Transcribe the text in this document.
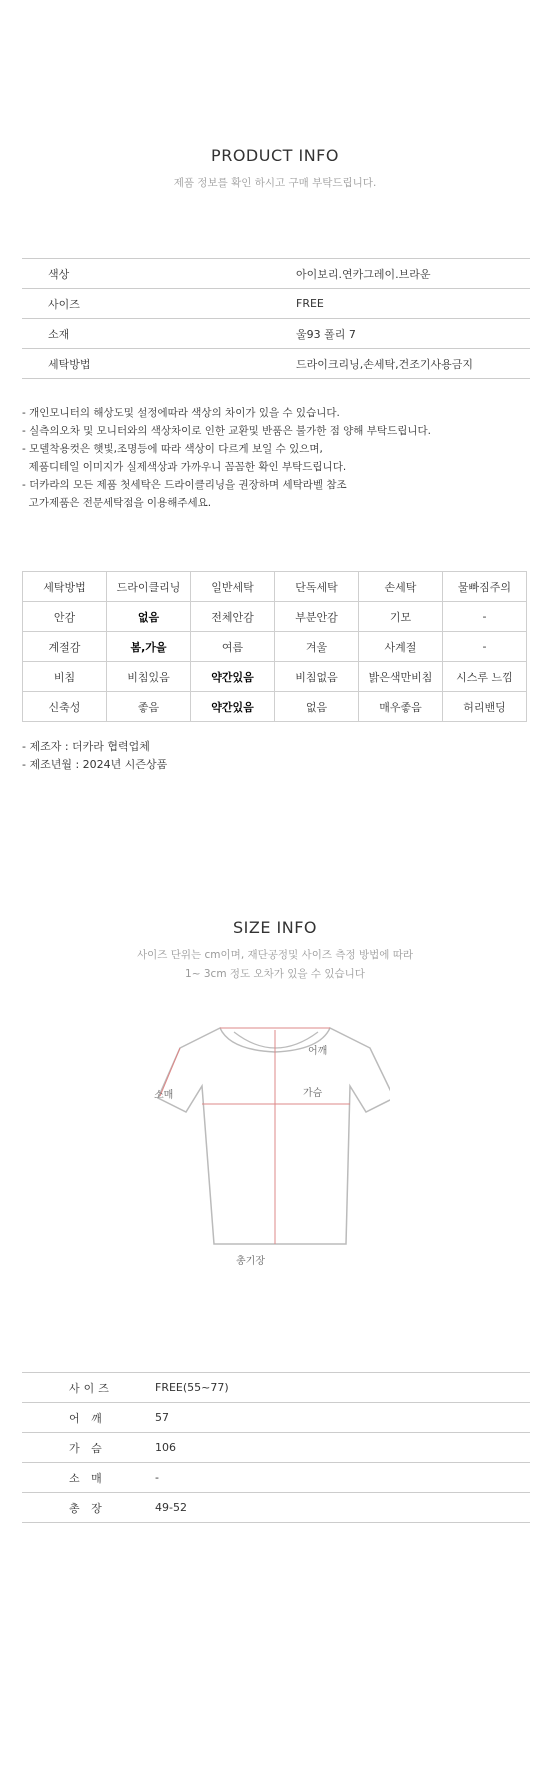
PRODUCT INFO
제품 정보를 확인 하시고 구매 부탁드립니다.
색상	아이보리.연카그레이.브라운
사이즈	FREE
소재	울93 폴리 7
세탁방법	드라이크리닝,손세탁,건조기사용금지
- 개인모니터의 해상도및 설정에따라 색상의 차이가 있을 수 있습니다.
- 실측의오차 및 모니터와의 색상차이로 인한 교환및 반품은 불가한 점 양해 부탁드립니다.
- 모델착용컷은 햇빛,조명등에 따라 색상이 다르게 보일 수 있으며,
제품디테일 이미지가 실제색상과 가까우니 꼼꼼한 확인 부탁드립니다.
- 더카라의 모든 제품 첫세탁은 드라이클리닝을 권장하며 세탁라벨 참조
고가제품은 전문세탁점을 이용해주세요.
세탁방법	드라이클리닝	일반세탁	단독세탁	손세탁	물빠짐주의
안감	없음	전체안감	부분안감	기모	-
계절감	봄,가을	여름	겨울	사계절	-
비침	비침있음	약간있음	비침없음	밝은색만비침	시스루 느낌
신축성	좋음	약간있음	없음	매우좋음	허리밴딩
- 제조자 : 더카라 협력업체
- 제조년월 : 2024년 시즌상품
SIZE INFO
사이즈 단위는 cm이며, 재단공정및 사이즈 측정 방법에 따라
1~ 3cm 정도 오차가 있을 수 있습니다
어깨
가슴
소매
총기장
사이즈	FREE(55~77)
어 깨	57
가 슴	106
소 매	-
총 장	49-52
